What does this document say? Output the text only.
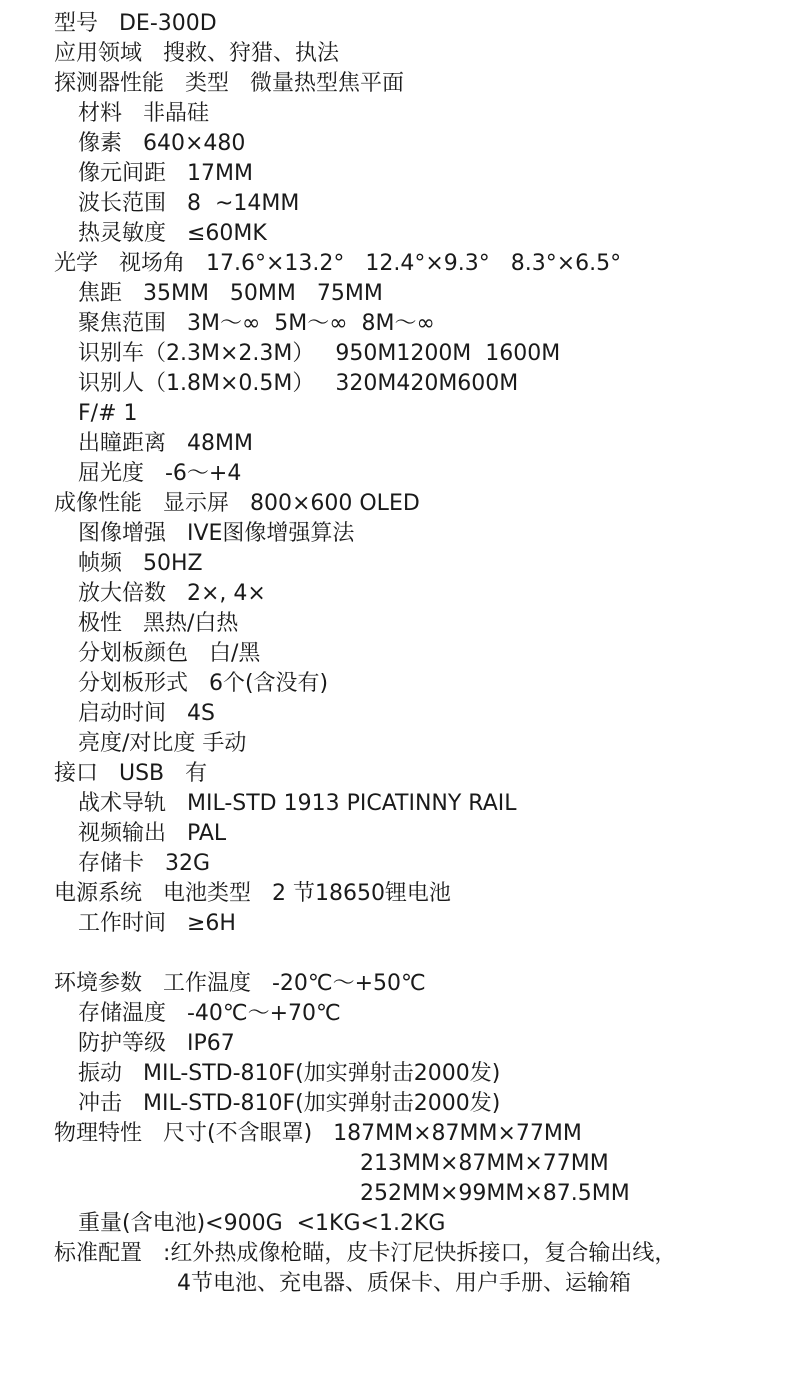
型号   DE-300D
应用领域   搜救、狩猎、执法
探测器性能   类型   微量热型焦平面
材料   非晶硅
像素   640×480
像元间距   17MM
波长范围   8  ~14MM
热灵敏度   ≤60MK
光学   视场角   17.6°×13.2°   12.4°×9.3°   8.3°×6.5°
焦距   35MM   50MM   75MM
聚焦范围   3M～∞  5M～∞  8M～∞
识别车（2.3M×2.3M）   950M1200M  1600M
识别人（1.8M×0.5M）   320M420M600M
F/# 1
出瞳距离   48MM
屈光度   -6～+4
成像性能   显示屏   800×600 OLED
图像增强   IVE图像增强算法
帧频   50HZ
放大倍数   2×, 4×
极性   黑热/白热
分划板颜色   白/黑
分划板形式   6个(含没有)
启动时间   4S
亮度/对比度 手动
接口   USB   有
战术导轨   MIL-STD 1913 PICATINNY RAIL
视频输出   PAL
存储卡   32G
电源系统   电池类型   2 节18650锂电池
工作时间   ≥6H
环境参数   工作温度   -20℃～+50℃
存储温度   -40℃～+70℃
防护等级   IP67
振动   MIL-STD-810F(加实弹射击2000发)
冲击   MIL-STD-810F(加实弹射击2000发)
物理特性   尺寸(不含眼罩)   187MM×87MM×77MM
213MM×87MM×77MM
252MM×99MM×87.5MM
重量(含电池)<900G  <1KG<1.2KG
标准配置   :红外热成像枪瞄，皮卡汀尼快拆接口，复合输出线，
4节电池、充电器、质保卡、用户手册、运输箱
